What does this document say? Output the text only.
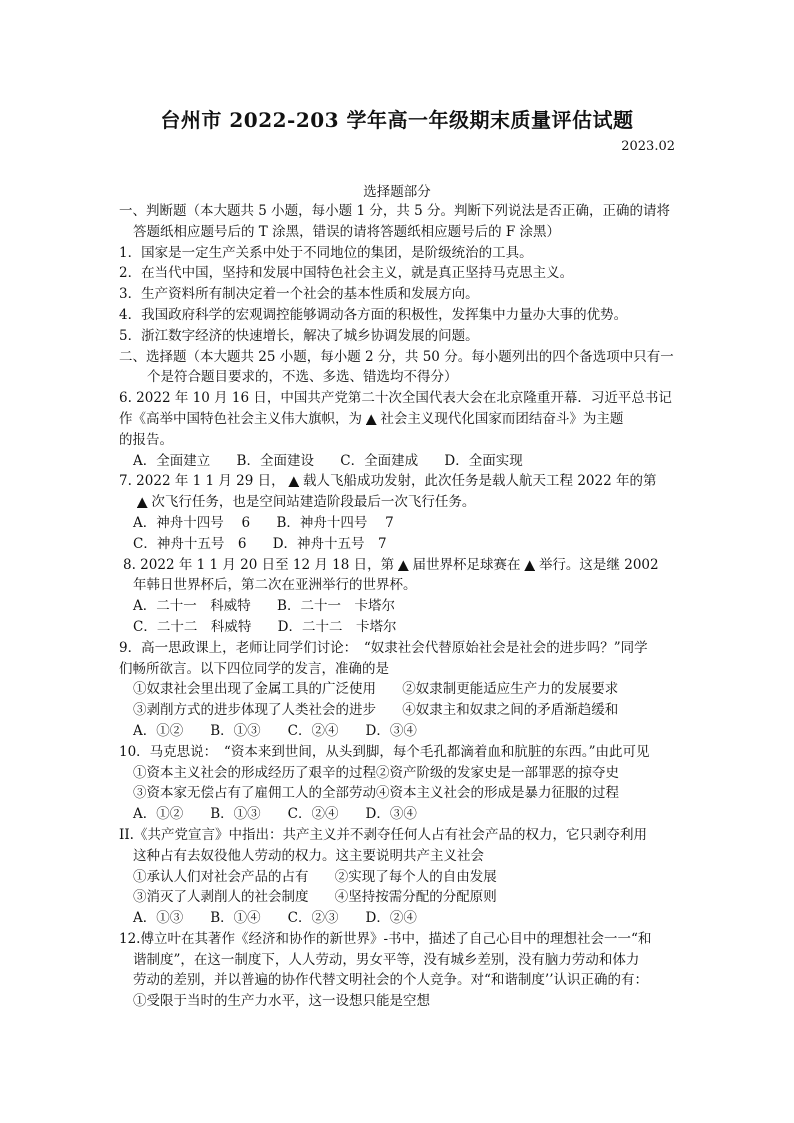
台州市 2022-203 学年高一年级期末质量评估试题
2023.02
选择题部分
一、判断题（本大题共 5 小题，每小题 1 分，共 5 分。判断下列说法是否正确，正确的请将
答题纸相应题号后的 T 涂黑，错误的请将答题纸相应题号后的 F 涂黑）
1．国家是一定生产关系中处于不同地位的集团，是阶级统治的工具。
2．在当代中国，坚持和发展中国特色社会主义，就是真正坚持马克思主义。
3．生产资料所有制决定着一个社会的基本性质和发展方向。
4．我国政府科学的宏观调控能够调动各方面的积极性，发挥集中力量办大事的优势。
5．浙江数字经济的快速增长，解决了城乡协调发展的问题。
二、选择题（本大题共 25 小题，每小题 2 分，共 50 分。每小题列出的四个备选项中只有一
个是符合题目要求的，不选、多选、错选均不得分）
6. 2022 年 10 月 16 日，中国共产党第二十次全国代表大会在北京隆重开幕．习近平总书记
作《高举中国特色社会主义伟大旗帜，为 ▲ 社会主义现代化国家而团结奋斗》为主题
的报告。
A．全面建立 B．全面建设 C．全面建成 D．全面实现
7. 2022 年 1 1 月 29 日， ▲ 载人飞船成功发射，此次任务是载人航天工程 2022 年的第
▲ 次飞行任务，也是空间站建造阶段最后一次飞行任务。
A．神舟十四号　 6 B．神舟十四号　 7
C．神舟十五号　6 D．神舟十五号　7
8. 2022 年 1 1 月 20 日至 12 月 18 日，第 ▲ 届世界杯足球赛在 ▲ 举行。这是继 2002
年韩日世界杯后，第二次在亚洲举行的世界杯。
A．二十一　科威特 B．二十一　卡塔尔
C．二十二　科威特 D．二十二　卡塔尔
9．高一思政课上，老师让同学们讨论：　“奴隶社会代替原始社会是社会的进步吗？”同学
们畅所欲言。以下四位同学的发言，准确的是
①奴隶社会里出现了金属工具的广泛使用 ②奴隶制更能适应生产力的发展要求
③剥削方式的进步体现了人类社会的进步 ④奴隶主和奴隶之间的矛盾渐趋缓和
A．①②　　B．①③　　C．②④　　D．③④
10．马克思说：　“资本来到世间，从头到脚，每个毛孔都滴着血和肮脏的东西。”由此可见
①资本主义社会的形成经历了艰辛的过程②资产阶级的发家史是一部罪恶的掠夺史
③资本家无偿占有了雇佣工人的全部劳动④资本主义社会的形成是暴力征服的过程
A．①②　　B．①③　　C．②④　　D．③④
II.《共产党宣言》中指出：共产主义并不剥夺任何人占有社会产品的权力，它只剥夺利用
这种占有去奴役他人劳动的权力。这主要说明共产主义社会
①承认人们对社会产品的占有 ②实现了每个人的自由发展
③消灭了人剥削人的社会制度 ④坚持按需分配的分配原则
A．①③　　B．①④　　C．②③　　D．②④
12.傅立叶在其著作《经济和协作的新世界》-书中，描述了自己心目中的理想社会一一“和
谐制度”，在这一制度下，人人劳动，男女平等，没有城乡差别，没有脑力劳动和体力
劳动的差别，并以普遍的协作代替文明社会的个人竞争。对“和谐制度’’认识正确的有：
①受限于当时的生产力水平，这一设想只能是空想
